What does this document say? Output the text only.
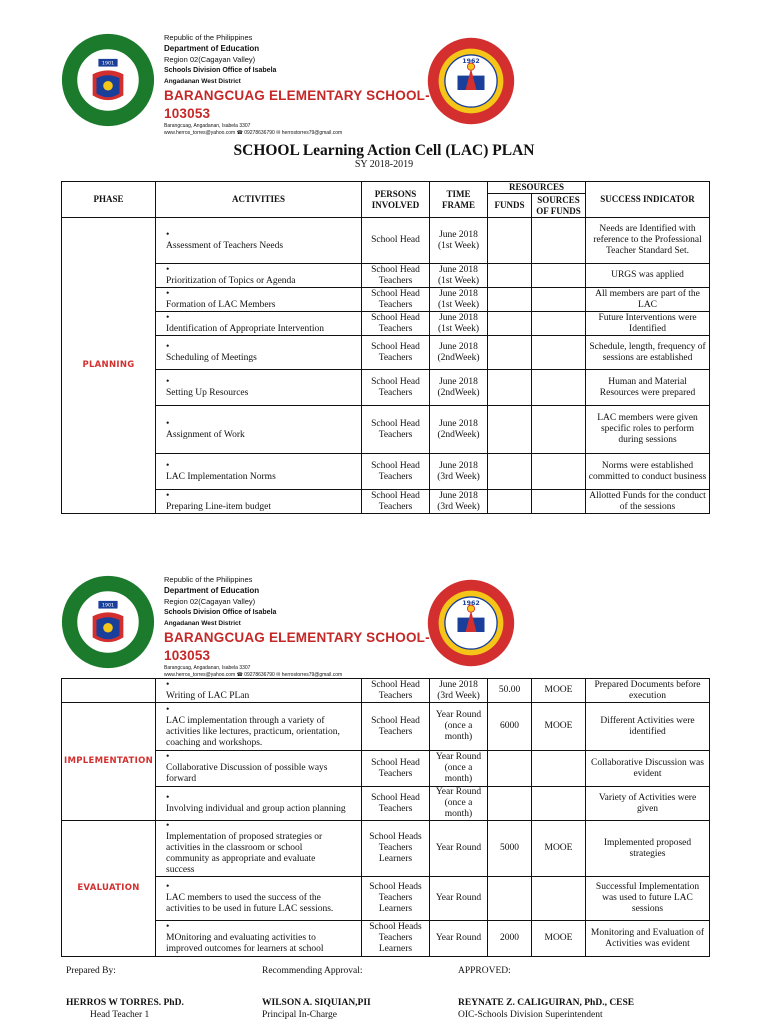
1901	1962
Republic of the Philippines
Department of Education
Region 02(Cagayan Valley)
Schools Division Office of Isabela
Angadanan West District
BARANGCUAG ELEMENTARY SCHOOL-103053
Barangcuag, Angadanan, Isabela 3307
www.herros_torres@yahoo.com ☎ 09278636790 ✉ herrostorres79@gmail.com
SCHOOL Learning Action Cell (LAC) PLAN
SY 2018-2019
PHASE	ACTIVITIES	PERSONS INVOLVED	TIME FRAME	RESOURCES		SUCCESS INDICATOR
				FUNDS	SOURCES OF FUNDS	
PLANNING	•Assessment of Teachers Needs	School Head	June 2018 (1st Week)			Needs are Identified with reference to the Professional Teacher Standard Set.
	•Prioritization of Topics or Agenda	School Head Teachers	June 2018 (1st Week)			URGS was applied
	•Formation of LAC Members	School Head Teachers	June 2018 (1st Week)			All members are part of the LAC
	•Identification of Appropriate Intervention	School Head Teachers	June 2018 (1st Week)			Future Interventions were Identified
	•Scheduling of Meetings	School Head Teachers	June 2018 (2ndWeek)			Schedule, length, frequency of sessions are established
	•Setting Up Resources	School Head Teachers	June 2018 (2ndWeek)			Human and Material Resources were prepared
	•Assignment of Work	School Head Teachers	June 2018 (2ndWeek)			LAC members were given specific roles to perform during sessions
	•LAC Implementation Norms	School Head Teachers	June 2018 (3rd Week)			Norms were established committed to conduct business
	•Preparing Line-item budget	School Head Teachers	June 2018 (3rd Week)			Allotted Funds for the conduct of the sessions
1901	1962
Republic of the Philippines
Department of Education
Region 02(Cagayan Valley)
Schools Division Office of Isabela
Angadanan West District
BARANGCUAG ELEMENTARY SCHOOL-103053
Barangcuag, Angadanan, Isabela 3307
www.herros_torres@yahoo.com ☎ 09278636790 ✉ herrostorres79@gmail.com
	•Writing of LAC PLan	School Head Teachers	June 2018 (3rd Week)	50.00	MOOE	Prepared Documents before execution
IMPLEMENTATION	•LAC implementation through a variety of activities like lectures, practicum, orientation, coaching and workshops.	School Head Teachers	Year Round (once a month)	6000	MOOE	Different Activities were identified
	•Collaborative Discussion of possible ways forward	School Head Teachers	Year Round (once a month)			Collaborative Discussion was evident
	•Involving individual and group action planning	School Head Teachers	Year Round (once a month)			Variety of Activities were given
EVALUATION	•Implementation of proposed strategies or activities in the classroom or school community as appropriate and evaluate success	School Heads Teachers Learners	Year Round	5000	MOOE	Implemented proposed strategies
	•LAC members to used the success of the activities to be used in future LAC sessions.	School Heads Teachers Learners	Year Round			Successful Implementation was used to future LAC sessions
	•MOnitoring and evaluating activities to improved outcomes for learners at school	School Heads Teachers Learners	Year Round	2000	MOOE	Monitoring and Evaluation of Activities was evident
Prepared By:	Recommending Approval:	APPROVED:
HERROS W TORRES. PhD.
Head Teacher 1
WILSON A. SIQUIAN,PII
Principal In-Charge
REYNATE Z. CALIGUIRAN, PhD., CESE
OIC-Schools Division Superintendent
